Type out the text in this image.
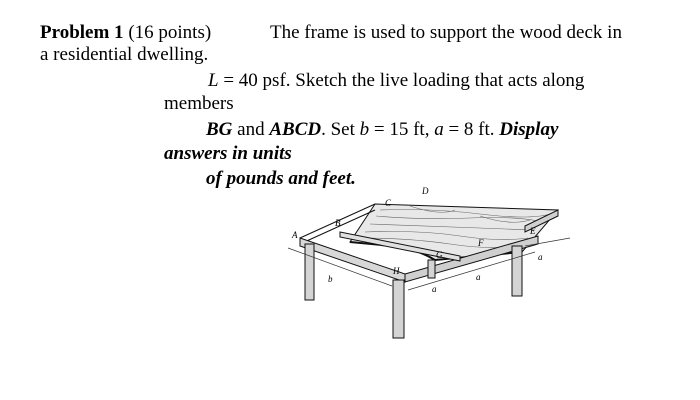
Problem 1 (16 points)	The frame is used to support the wood deck in
a residential dwelling.
L = 40 psf. Sketch the live loading that acts along
members
BG and ABCD. Set b = 15 ft, a = 8 ft. Display
answers in units
of pounds and feet.
A
B
C
D
E
F
G
H
b
a
a
a
